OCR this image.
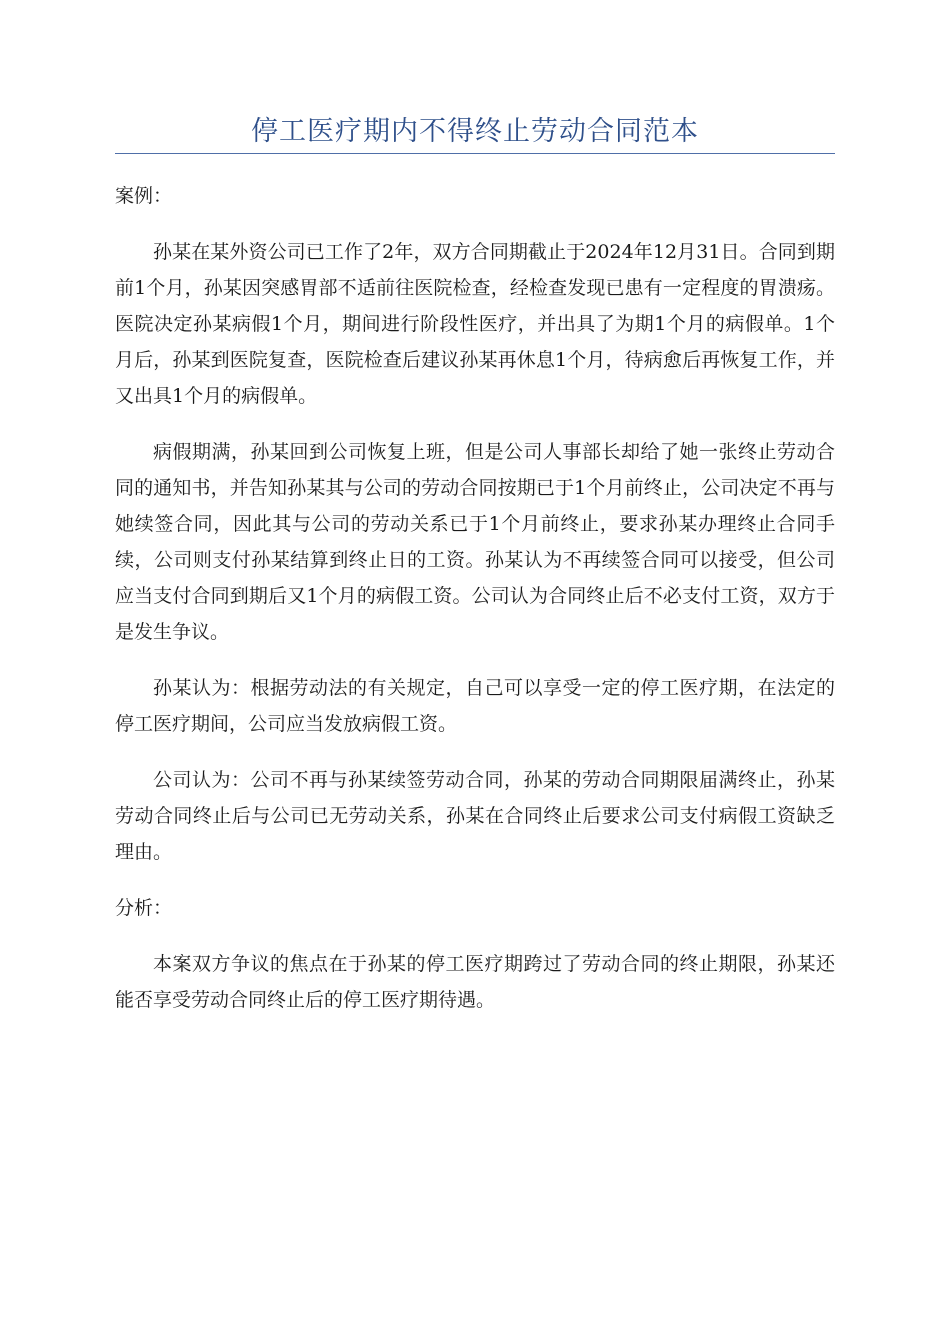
停工医疗期内不得终止劳动合同范本

案例：

孙某在某外资公司已工作了2年，双方合同期截止于2024年12月31日。合同到期前1个月，孙某因突感胃部不适前往医院检查，经检查发现已患有一定程度的胃溃疡。医院决定孙某病假1个月，期间进行阶段性医疗，并出具了为期1个月的病假单。1个月后，孙某到医院复查，医院检查后建议孙某再休息1个月，待病愈后再恢复工作，并又出具1个月的病假单。

病假期满，孙某回到公司恢复上班，但是公司人事部长却给了她一张终止劳动合同的通知书，并告知孙某其与公司的劳动合同按期已于1个月前终止，公司决定不再与她续签合同，因此其与公司的劳动关系已于1个月前终止，要求孙某办理终止合同手续，公司则支付孙某结算到终止日的工资。孙某认为不再续签合同可以接受，但公司应当支付合同到期后又1个月的病假工资。公司认为合同终止后不必支付工资，双方于是发生争议。

孙某认为：根据劳动法的有关规定，自己可以享受一定的停工医疗期，在法定的停工医疗期间，公司应当发放病假工资。

公司认为：公司不再与孙某续签劳动合同，孙某的劳动合同期限届满终止，孙某劳动合同终止后与公司已无劳动关系，孙某在合同终止后要求公司支付病假工资缺乏理由。

分析：

本案双方争议的焦点在于孙某的停工医疗期跨过了劳动合同的终止期限，孙某还能否享受劳动合同终止后的停工医疗期待遇。
